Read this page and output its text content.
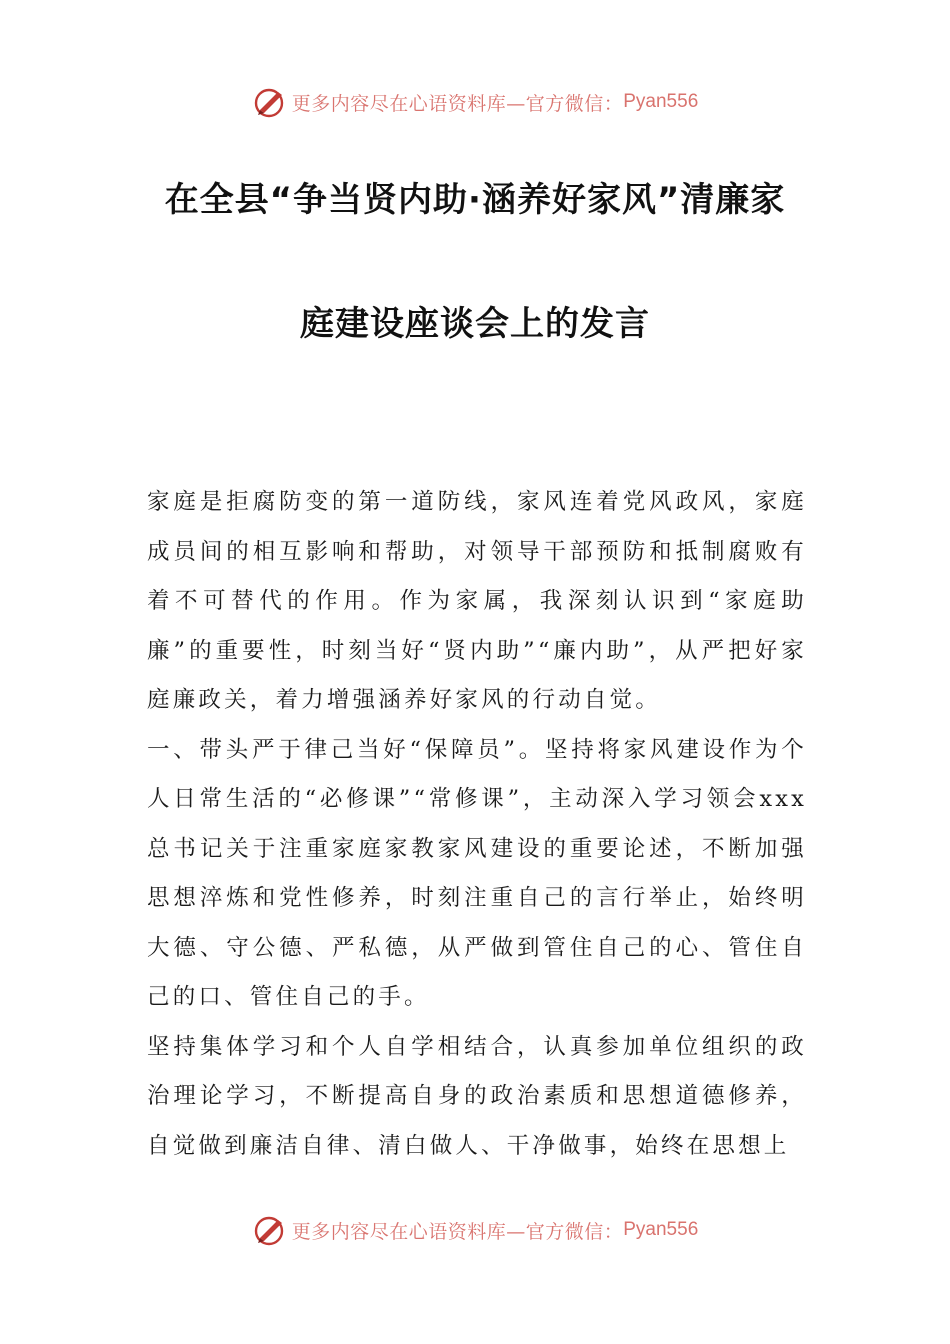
更多内容尽在心语资料库—官方微信： Pyan556
在全县“争当贤内助·涵养好家风”清廉家
庭建设座谈会上的发言

家庭是拒腐防变的第一道防线，家风连着党风政风，家庭成员间的相互影响和帮助，对领导干部预防和抵制腐败有着不可替代的作用。作为家属，我深刻认识到“家庭助廉”的重要性，时刻当好“贤内助”“廉内助”，从严把好家庭廉政关，着力增强涵养好家风的行动自觉。

一、带头严于律己当好“保障员”。坚持将家风建设作为个人日常生活的“必修课”“常修课”，主动深入学习领会xxx总书记关于注重家庭家教家风建设的重要论述，不断加强思想淬炼和党性修养，时刻注重自己的言行举止，始终明大德、守公德、严私德，从严做到管住自己的心、管住自己的口、管住自己的手。

坚持集体学习和个人自学相结合，认真参加单位组织的政治理论学习，不断提高自身的政治素质和思想道德修养，自觉做到廉洁自律、清白做人、干净做事，始终在思想上

更多内容尽在心语资料库—官方微信： Pyan556
